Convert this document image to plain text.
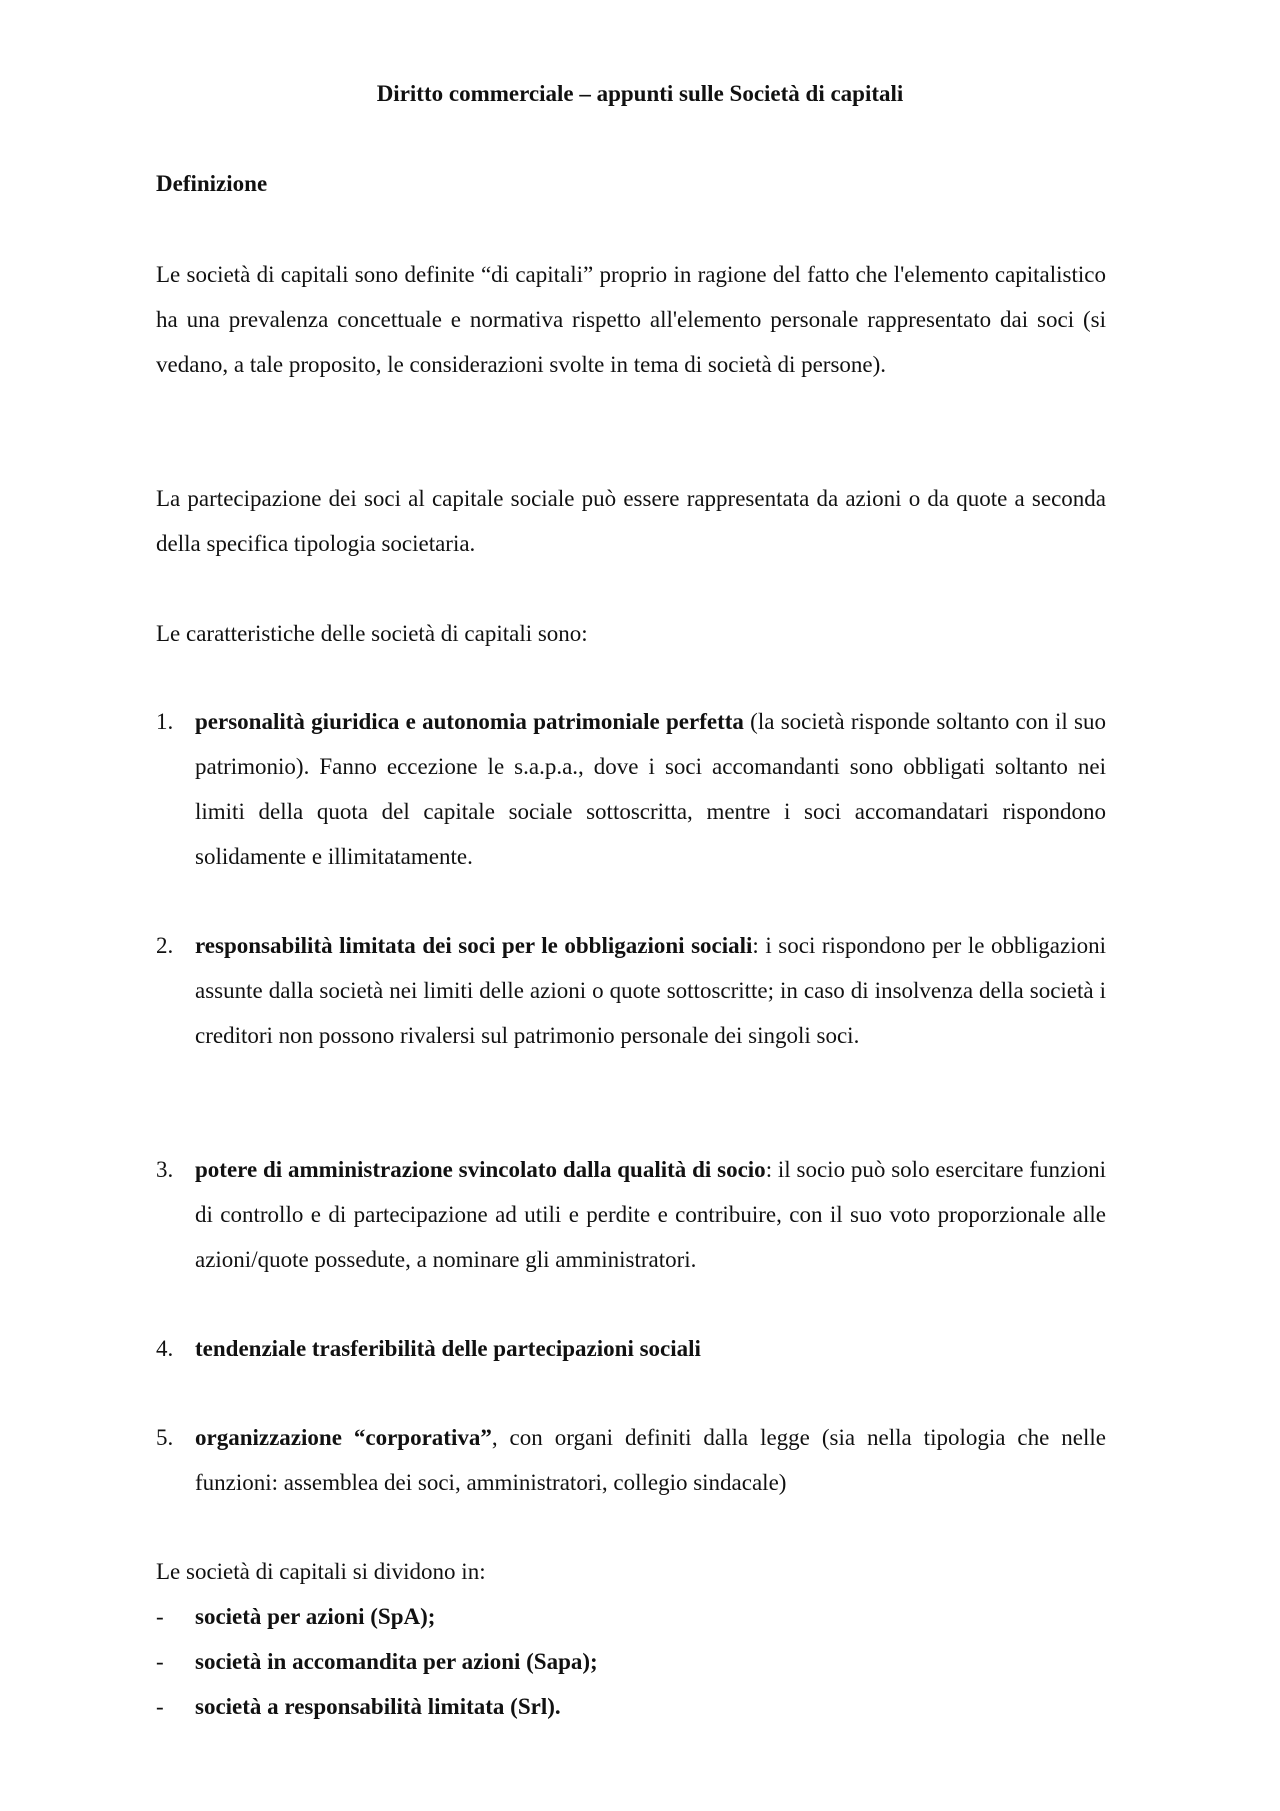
Diritto commerciale – appunti sulle Società di capitali
Definizione

Le società di capitali sono definite “di capitali” proprio in ragione del fatto che l'elemento capitalistico ha una prevalenza concettuale e normativa rispetto all'elemento personale rappresentato dai soci (si vedano, a tale proposito, le considerazioni svolte in tema di società di persone).

La partecipazione dei soci al capitale sociale può essere rappresentata da azioni o da quote a seconda della specifica tipologia societaria.

Le caratteristiche delle società di capitali sono:

1. personalità giuridica e autonomia patrimoniale perfetta (la società risponde soltanto con il suo patrimonio). Fanno eccezione le s.a.p.a., dove i soci accomandanti sono obbligati soltanto nei limiti della quota del capitale sociale sottoscritta, mentre i soci accomandatari rispondono solidamente e illimitatamente.
2. responsabilità limitata dei soci per le obbligazioni sociali: i soci rispondono per le obbligazioni assunte dalla società nei limiti delle azioni o quote sottoscritte; in caso di insolvenza della società i creditori non possono rivalersi sul patrimonio personale dei singoli soci.
3. potere di amministrazione svincolato dalla qualità di socio: il socio può solo esercitare funzioni di controllo e di partecipazione ad utili e perdite e contribuire, con il suo voto proporzionale alle azioni/quote possedute, a nominare gli amministratori.
4. tendenziale trasferibilità delle partecipazioni sociali
5. organizzazione “corporativa”, con organi definiti dalla legge (sia nella tipologia che nelle funzioni: assemblea dei soci, amministratori, collegio sindacale)
Le società di capitali si dividono in:
- società per azioni (SpA);
- società in accomandita per azioni (Sapa);
- società a responsabilità limitata (Srl).
